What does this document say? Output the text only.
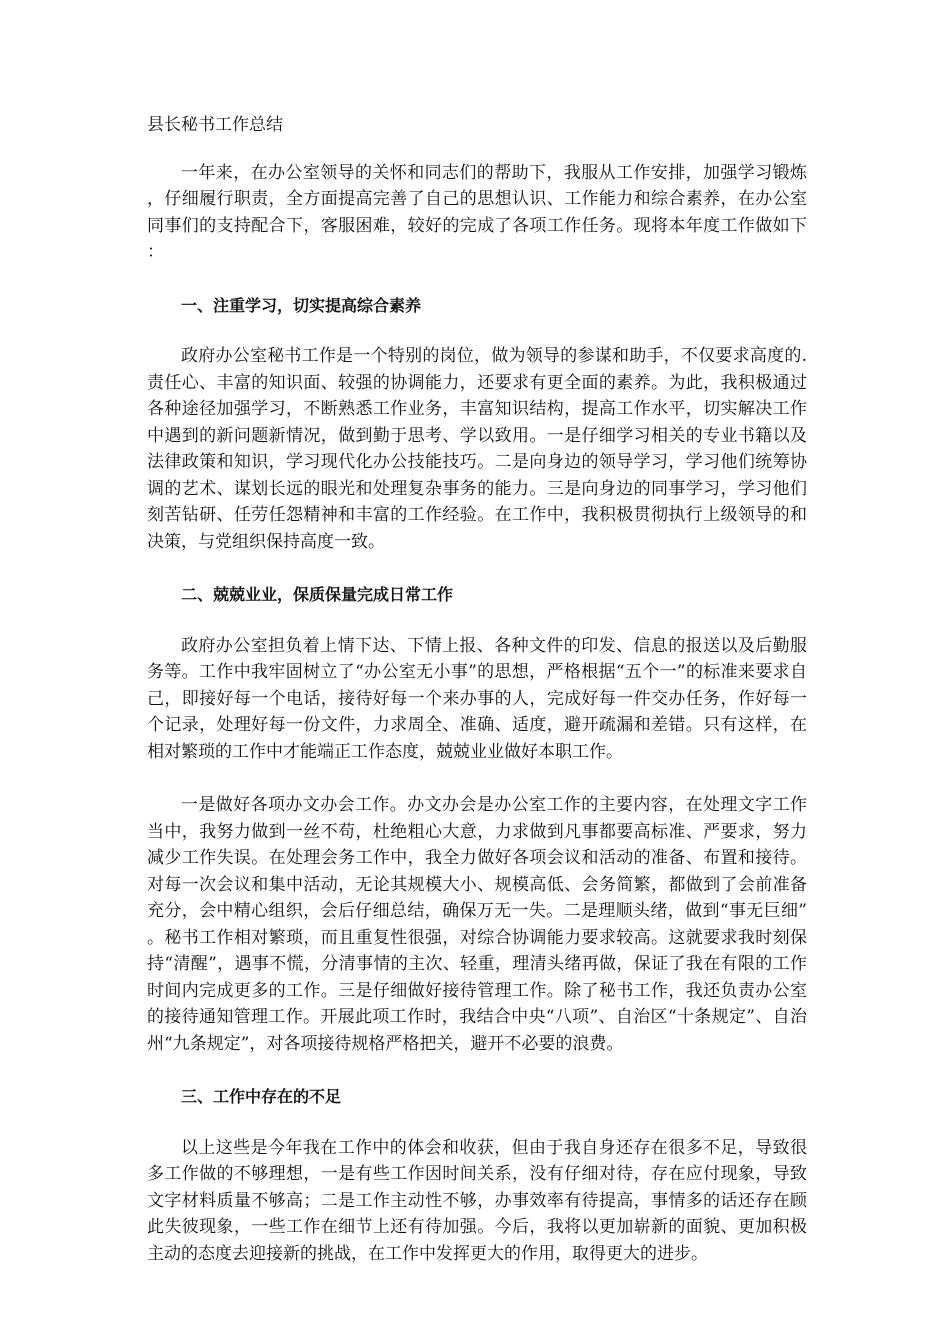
县长秘书工作总结

一年来，在办公室领导的关怀和同志们的帮助下，我服从工作安排，加强学习锻炼，仔细履行职责，全方面提高完善了自己的思想认识、工作能力和综合素养，在办公室同事们的支持配合下，客服困难，较好的完成了各项工作任务。现将本年度工作做如下：

一、注重学习，切实提高综合素养

政府办公室秘书工作是一个特别的岗位，做为领导的参谋和助手，不仅要求高度的. 责任心、丰富的知识面、较强的协调能力，还要求有更全面的素养。为此，我积极通过各种途径加强学习，不断熟悉工作业务，丰富知识结构，提高工作水平，切实解决工作中遇到的新问题新情况，做到勤于思考、学以致用。一是仔细学习相关的专业书籍以及法律政策和知识，学习现代化办公技能技巧。二是向身边的领导学习，学习他们统筹协调的艺术、谋划长远的眼光和处理复杂事务的能力。三是向身边的同事学习，学习他们刻苦钻研、任劳任怨精神和丰富的工作经验。在工作中，我积极贯彻执行上级领导的和决策，与党组织保持高度一致。

二、兢兢业业，保质保量完成日常工作

政府办公室担负着上情下达、下情上报、各种文件的印发、信息的报送以及后勤服务等。工作中我牢固树立了“办公室无小事”的思想，严格根据“五个一”的标准来要求自己，即接好每一个电话，接待好每一个来办事的人，完成好每一件交办任务，作好每一个记录，处理好每一份文件，力求周全、准确、适度，避开疏漏和差错。只有这样，在相对繁琐的工作中才能端正工作态度，兢兢业业做好本职工作。

一是做好各项办文办会工作。办文办会是办公室工作的主要内容，在处理文字工作当中，我努力做到一丝不苟，杜绝粗心大意，力求做到凡事都要高标准、严要求，努力减少工作失误。在处理会务工作中，我全力做好各项会议和活动的准备、布置和接待。对每一次会议和集中活动，无论其规模大小、规模高低、会务简繁，都做到了会前准备充分，会中精心组织，会后仔细总结，确保万无一失。二是理顺头绪，做到“事无巨细”。秘书工作相对繁琐，而且重复性很强，对综合协调能力要求较高。这就要求我时刻保持“清醒”，遇事不慌，分清事情的主次、轻重，理清头绪再做，保证了我在有限的工作时间内完成更多的工作。三是仔细做好接待管理工作。除了秘书工作，我还负责办公室的接待通知管理工作。开展此项工作时，我结合中央“八项”、自治区“十条规定”、自治州“九条规定”，对各项接待规格严格把关，避开不必要的浪费。

三、工作中存在的不足

以上这些是今年我在工作中的体会和收获，但由于我自身还存在很多不足，导致很多工作做的不够理想，一是有些工作因时间关系，没有仔细对待，存在应付现象，导致文字材料质量不够高；二是工作主动性不够，办事效率有待提高，事情多的话还存在顾此失彼现象，一些工作在细节上还有待加强。今后，我将以更加崭新的面貌、更加积极主动的态度去迎接新的挑战，在工作中发挥更大的作用，取得更大的进步。
